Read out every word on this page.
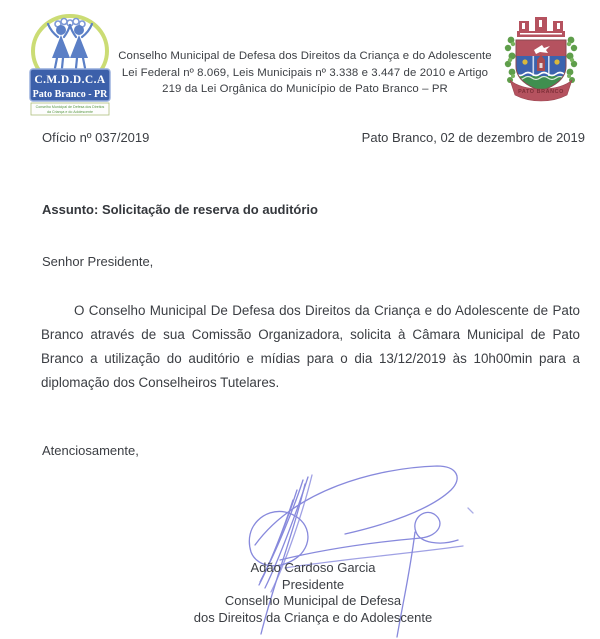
C.M.D.D.C.A
Pato Branco - PR
Conselho Municipal de Defesa dos Direitos
da Criança e do Adolescente
Conselho Municipal de Defesa dos Direitos da Criança e do Adolescente
Lei Federal nº 8.069, Leis Municipais nº 3.338 e 3.447 de 2010 e Artigo
219 da Lei Orgânica do Município de Pato Branco – PR	PATO BRANCO
Ofício nº 037/2019	Pato Branco, 02 de dezembro de 2019
Assunto: Solicitação de reserva do auditório
Senhor Presidente,
O Conselho Municipal De Defesa dos Direitos da Criança e do Adolescente de Pato
Branco através de sua Comissão Organizadora, solicita à Câmara Municipal de Pato
Branco a utilização do auditório e mídias para o dia 13/12/2019 às 10h00min para a
diplomação dos Conselheiros Tutelares.
Atenciosamente,
Adão Cardoso Garcia
Presidente
Conselho Municipal de Defesa
dos Direitos da Criança e do Adolescente
